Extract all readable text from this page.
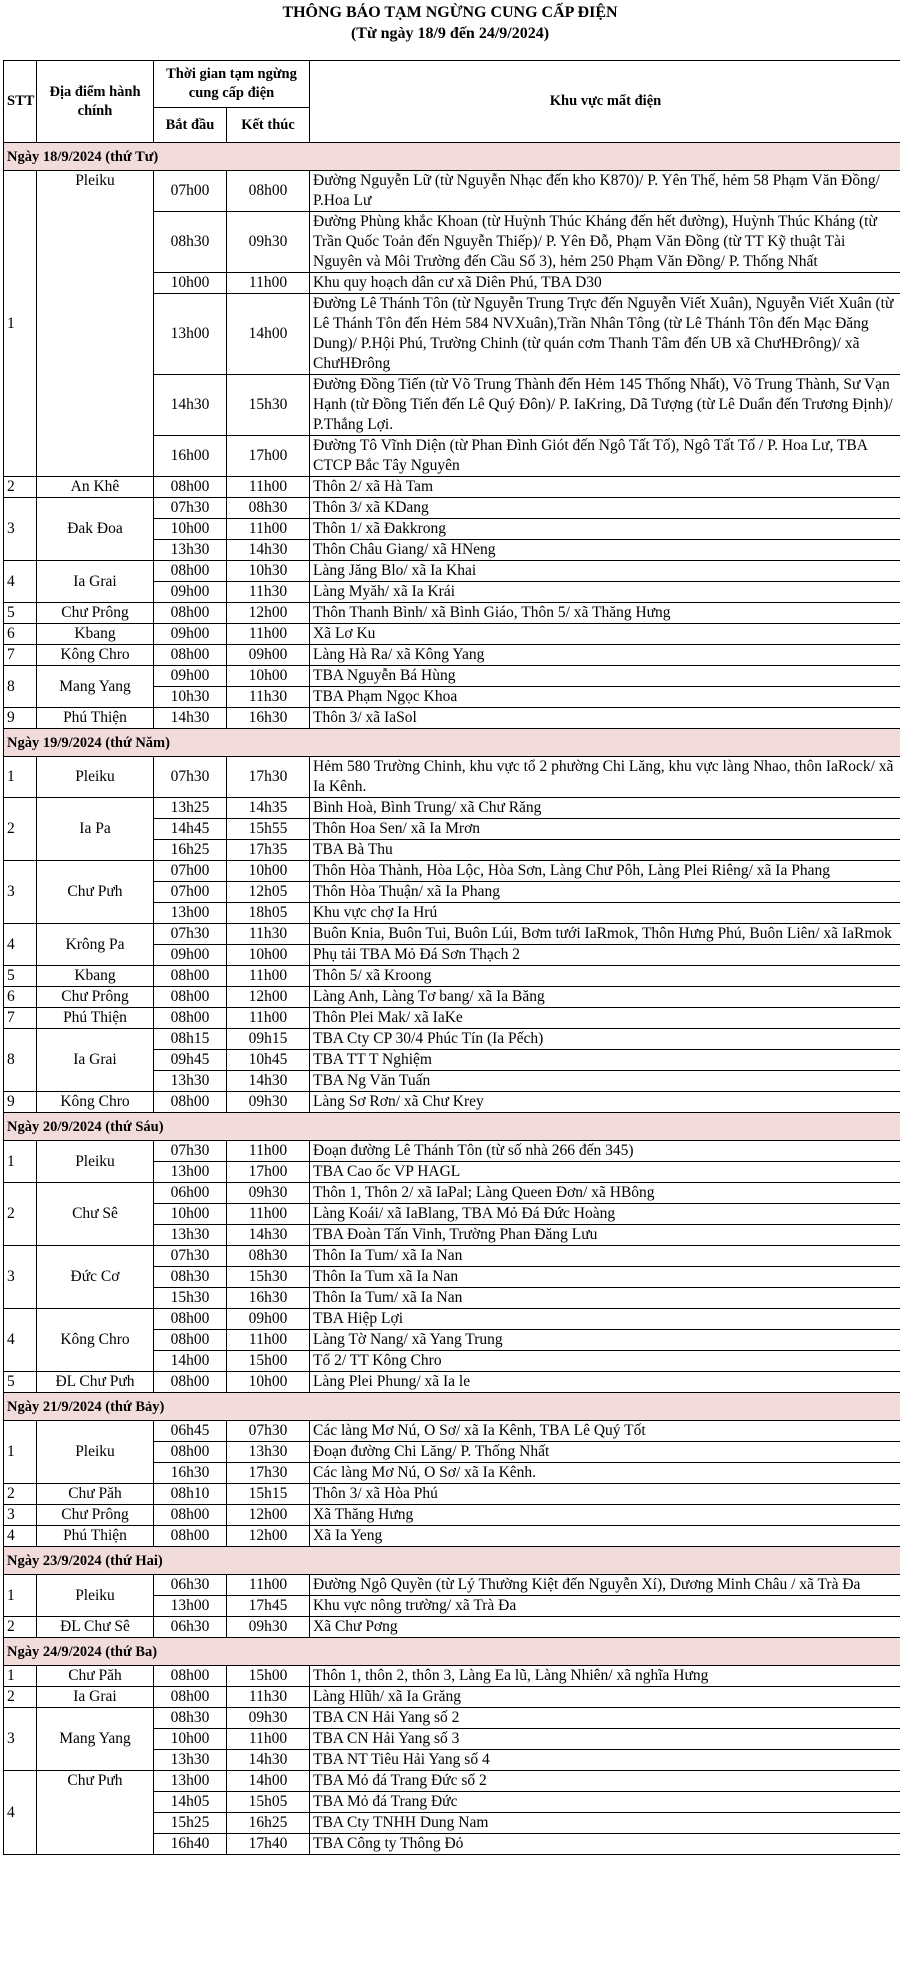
THÔNG BÁO TẠM NGỪNG CUNG CẤP ĐIỆN
(Từ ngày 18/9 đến 24/9/2024)
STT	Địa điểm hành chính	Thời gian tạm ngừng cung cấp điện		Khu vực mất điện
		Bắt đầu	Kết thúc	
Ngày 18/9/2024 (thứ Tư)				
1	Pleiku	07h00	08h00	Đường Nguyễn Lữ (từ Nguyễn Nhạc đến kho K870)/ P. Yên Thế, hẻm 58 Phạm Văn Đồng/ P.Hoa Lư
		08h30	09h30	Đường Phùng khắc Khoan (từ Huỳnh Thúc Kháng đến hết đường), Huỳnh Thúc Kháng (từ Trần Quốc Toản đến Nguyễn Thiếp)/ P. Yên Đỗ, Phạm Văn Đồng (từ TT Kỹ thuật Tài Nguyên và Môi Trường đến Cầu Số 3), hẻm 250 Phạm Văn Đồng/ P. Thống Nhất
		10h00	11h00	Khu quy hoạch dân cư xã Diên Phú, TBA D30
		13h00	14h00	Đường Lê Thánh Tôn (từ Nguyễn Trung Trực đến Nguyễn Viết Xuân), Nguyễn Viết Xuân (từ Lê Thánh Tôn đến Hẻm 584 NVXuân),Trần Nhân Tông (từ Lê Thánh Tôn đến Mạc Đăng Dung)/ P.Hội Phú, Trường Chinh (từ quán cơm Thanh Tâm đến UB xã ChưHĐrông)/ xã ChưHĐrông
		14h30	15h30	Đường Đồng Tiến (từ Võ Trung Thành đến Hẻm 145 Thống Nhất), Võ Trung Thành, Sư Vạn Hạnh (từ Đồng Tiến đến Lê Quý Đôn)/ P. IaKring, Dã Tượng (từ Lê Duẩn đến Trương Định)/ P.Thắng Lợi.
		16h00	17h00	Đường Tô Vĩnh Diện (từ Phan Đình Giót đến Ngô Tất Tố), Ngô Tất Tố / P. Hoa Lư, TBA CTCP Bắc Tây Nguyên
2	An Khê	08h00	11h00	Thôn 2/ xã Hà Tam
3	Đak Đoa	07h30	08h30	Thôn 3/ xã KDang
		10h00	11h00	Thôn 1/ xã Đakkrong
		13h30	14h30	Thôn Châu Giang/ xã HNeng
4	Ia Grai	08h00	10h30	Làng Jăng Blo/ xã Ia Khai
		09h00	11h30	Làng Myăh/ xã Ia Krái
5	Chư Prông	08h00	12h00	Thôn Thanh Bình/ xã Bình Giáo, Thôn 5/ xã Thăng Hưng
6	Kbang	09h00	11h00	Xã Lơ Ku
7	Kông Chro	08h00	09h00	Làng Hà Ra/ xã Kông Yang
8	Mang Yang	09h00	10h00	TBA Nguyễn Bá Hùng
		10h30	11h30	TBA Phạm Ngọc Khoa
9	Phú Thiện	14h30	16h30	Thôn 3/ xã IaSol
Ngày 19/9/2024 (thứ Năm)				
1	Pleiku	07h30	17h30	Hẻm 580 Trường Chinh, khu vực tổ 2 phường Chi Lăng, khu vực làng Nhao, thôn IaRock/ xã Ia Kênh.
2	Ia Pa	13h25	14h35	Bình Hoà, Bình Trung/ xã Chư Răng
		14h45	15h55	Thôn Hoa Sen/ xã Ia Mrơn
		16h25	17h35	TBA Bà Thu
3	Chư Pưh	07h00	10h00	Thôn Hòa Thành, Hòa Lộc, Hòa Sơn, Làng Chư Pôh, Làng Plei Riêng/ xã Ia Phang
		07h00	12h05	Thôn Hòa Thuận/ xã Ia Phang
		13h00	18h05	Khu vực chợ Ia Hrú
4	Krông Pa	07h30	11h30	Buôn Knia, Buôn Tui, Buôn Lúi, Bơm tưới IaRmok, Thôn Hưng Phú, Buôn Liên/ xã IaRmok
		09h00	10h00	Phụ tải TBA Mỏ Đá Sơn Thạch 2
5	Kbang	08h00	11h00	Thôn 5/ xã Kroong
6	Chư Prông	08h00	12h00	Làng Anh, Làng Tơ bang/ xã Ia Băng
7	Phú Thiện	08h00	11h00	Thôn Plei Mak/ xã IaKe
8	Ia Grai	08h15	09h15	TBA Cty CP 30/4 Phúc Tín (Ia Pếch)
		09h45	10h45	TBA TT T Nghiệm
		13h30	14h30	TBA Ng Văn Tuấn
9	Kông Chro	08h00	09h30	Làng Sơ Rơn/ xã Chư Krey
Ngày 20/9/2024 (thứ Sáu)				
1	Pleiku	07h30	11h00	Đoạn đường Lê Thánh Tôn (từ số nhà 266 đến 345)
		13h00	17h00	TBA Cao ốc VP HAGL
2	Chư Sê	06h00	09h30	Thôn 1, Thôn 2/ xã IaPal; Làng Queen Đơn/ xã HBông
		10h00	11h00	Làng Koái/ xã IaBlang, TBA Mỏ Đá Đức Hoàng
		13h30	14h30	TBA Đoàn Tấn Vinh, Trường Phan Đăng Lưu
3	Đức Cơ	07h30	08h30	Thôn Ia Tum/ xã Ia Nan
		08h30	15h30	Thôn Ia Tum xã Ia Nan
		15h30	16h30	Thôn Ia Tum/ xã Ia Nan
4	Kông Chro	08h00	09h00	TBA Hiệp Lợi
		08h00	11h00	Làng Tờ Nang/ xã Yang Trung
		14h00	15h00	Tổ 2/ TT Kông Chro
5	ĐL Chư Pưh	08h00	10h00	Làng Plei Phung/ xã Ia le
Ngày 21/9/2024 (thứ Bảy)				
1	Pleiku	06h45	07h30	Các làng Mơ Nú, O Sơ/ xã Ia Kênh, TBA Lê Quý Tốt
		08h00	13h30	Đoạn đường Chi Lăng/ P. Thống Nhất
		16h30	17h30	Các làng Mơ Nú, O Sơ/ xã Ia Kênh.
2	Chư Păh	08h10	15h15	Thôn 3/ xã Hòa Phú
3	Chư Prông	08h00	12h00	Xã Thăng Hưng
4	Phú Thiện	08h00	12h00	Xã Ia Yeng
Ngày 23/9/2024 (thứ Hai)				
1	Pleiku	06h30	11h00	Đường Ngô Quyền (từ Lý Thường Kiệt đến Nguyễn Xí), Dương Minh Châu / xã Trà Đa
		13h00	17h45	Khu vực nông trường/ xã Trà Đa
2	ĐL Chư Sê	06h30	09h30	Xã Chư Pơng
Ngày 24/9/2024 (thứ Ba)				
1	Chư Păh	08h00	15h00	Thôn 1, thôn 2, thôn 3, Làng Ea lũ, Làng Nhiên/ xã nghĩa Hưng
2	Ia Grai	08h00	11h30	Làng Hlũh/ xã Ia Grăng
3	Mang Yang	08h30	09h30	TBA CN Hải Yang số 2
		10h00	11h00	TBA CN Hải Yang số 3
		13h30	14h30	TBA NT Tiêu Hải Yang số 4
4	Chư Pưh	13h00	14h00	TBA Mỏ đá Trang Đức số 2
		14h05	15h05	TBA Mỏ đá Trang Đức
		15h25	16h25	TBA Cty TNHH Dung Nam
		16h40	17h40	TBA Công ty Thông Đỏ
